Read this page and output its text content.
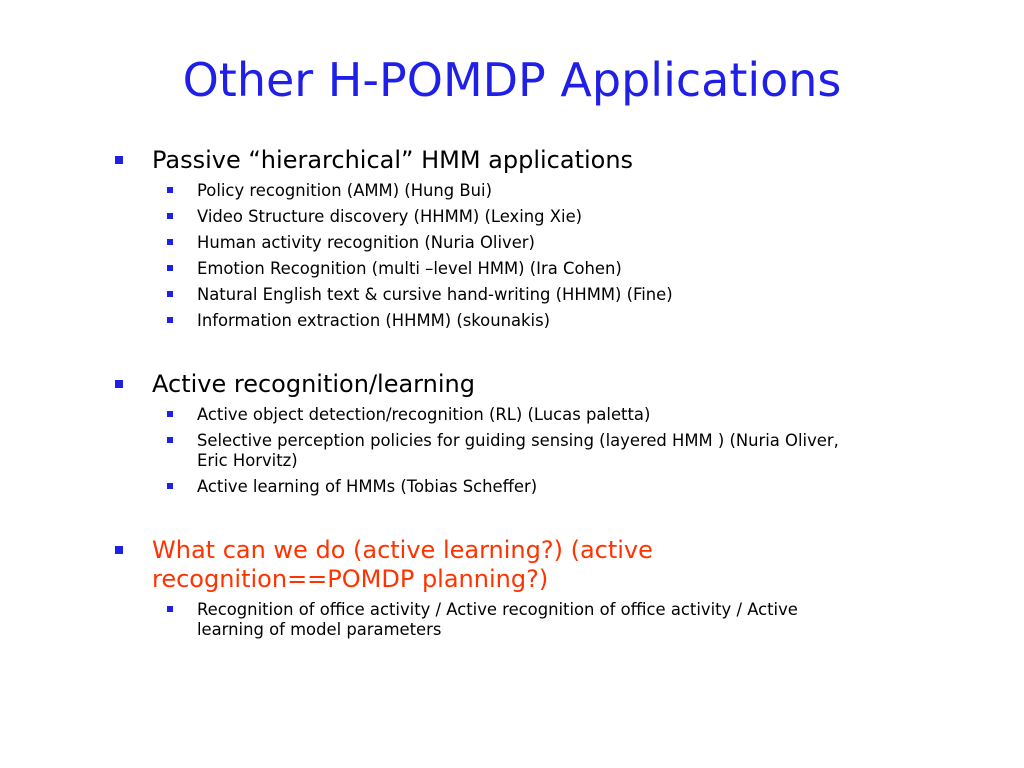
Other H-POMDP Applications
Passive “hierarchical” HMM applications
Policy recognition (AMM) (Hung Bui)
Video Structure discovery (HHMM) (Lexing Xie)
Human activity recognition (Nuria Oliver)
Emotion Recognition (multi –level HMM) (Ira Cohen)
Natural English text & cursive hand-writing (HHMM) (Fine)
Information extraction (HHMM) (skounakis)
Active recognition/learning
Active object detection/recognition (RL) (Lucas paletta)
Selective perception policies for guiding sensing (layered HMM ) (Nuria Oliver,
Eric Horvitz)
Active learning of HMMs (Tobias Scheffer)
What can we do (active learning?) (active
recognition==POMDP planning?)
Recognition of office activity / Active recognition of office activity / Active
learning of model parameters
